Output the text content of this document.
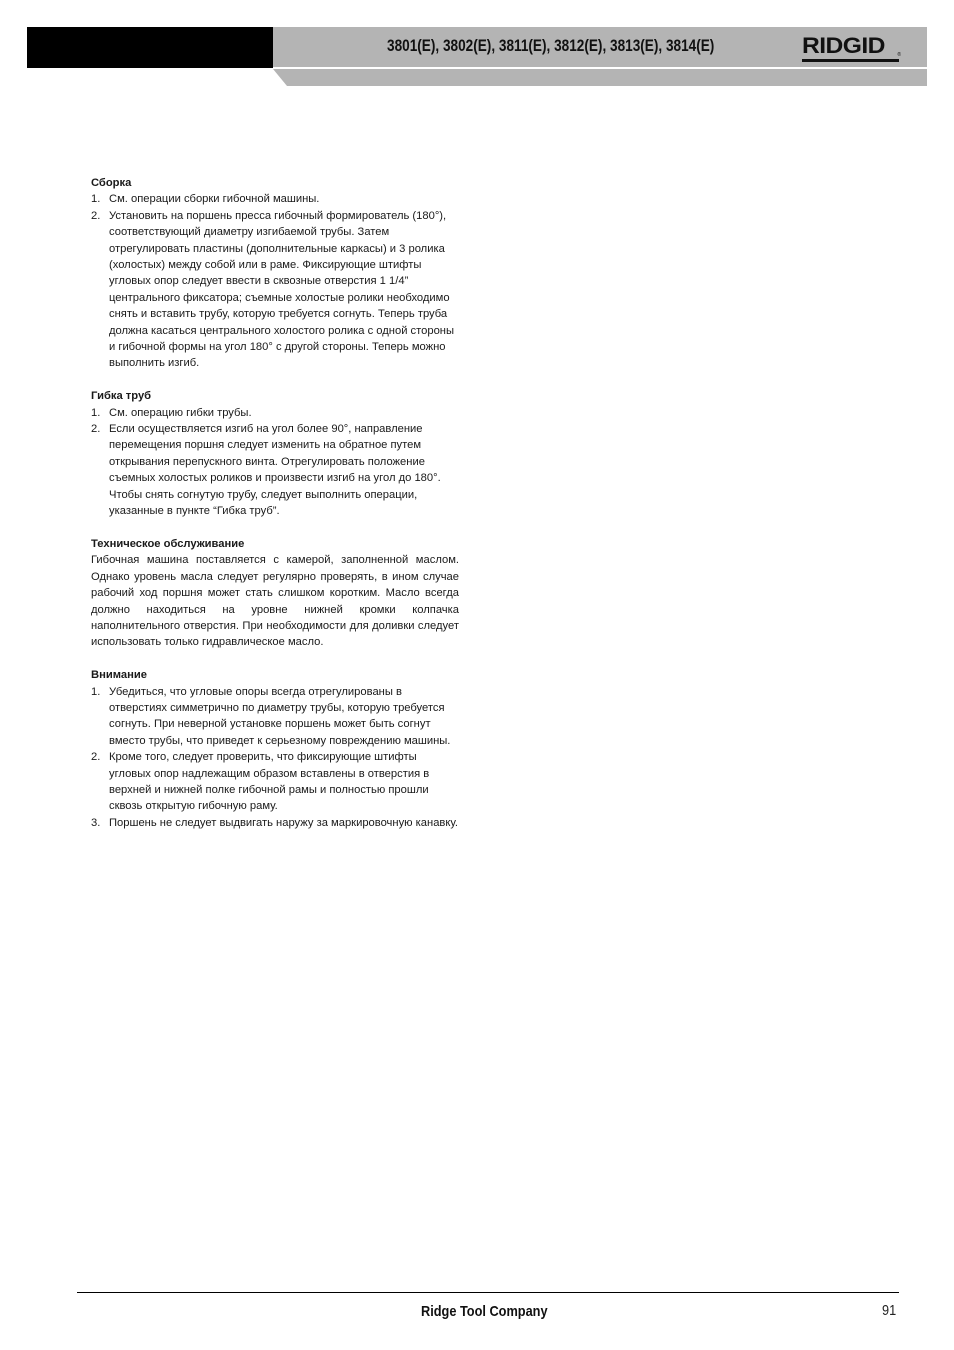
3801(E), 3802(E), 3811(E), 3812(E), 3813(E), 3814(E)	RIDGID ®
Сборка
1. См. операции сборки гибочной машины.
2. Установить на поршень пресса гибочный формирователь (180°), соответствующий диаметру изгибаемой трубы. Затем отрегулировать пластины (дополнительные каркасы) и 3 ролика (холостых) между собой или в раме. Фиксирующие штифты угловых опор следует ввести в сквозные отверстия 1 1/4” центрального фиксатора; съемные холостые ролики необходимо снять и вставить трубу, которую требуется согнуть. Теперь труба должна касаться центрального холостого ролика с одной стороны и гибочной формы на угол 180° с другой стороны. Теперь можно выполнить изгиб.
Гибка труб
1. См. операцию гибки трубы.
2. Если осуществляется изгиб на угол более 90°, направление перемещения поршня следует изменить на обратное путем открывания перепускного винта. Отрегулировать положение съемных холостых роликов и произвести изгиб на угол до 180°. Чтобы снять согнутую трубу, следует выполнить операции, указанные в пункте “Гибка труб”.
Техническое обслуживание
Гибочная машина поставляется с камерой, заполненной маслом. Однако уровень масла следует регулярно проверять, в ином случае рабочий ход поршня может стать слишком коротким. Масло всегда должно находиться на уровне нижней кромки колпачка наполнительного отверстия. При необходимости для доливки следует использовать только гидравлическое масло.
Внимание
1. Убедиться, что угловые опоры всегда отрегулированы в отверстиях симметрично по диаметру трубы, которую требуется согнуть. При неверной установке поршень может быть согнут вместо трубы, что приведет к серьезному повреждению машины.
2. Кроме того, следует проверить, что фиксирующие штифты угловых опор надлежащим образом вставлены в отверстия в верхней и нижней полке гибочной рамы и полностью прошли сквозь открытую гибочную раму.
3. Поршень не следует выдвигать наружу за маркировочную канавку.
Ridge Tool Company	91
